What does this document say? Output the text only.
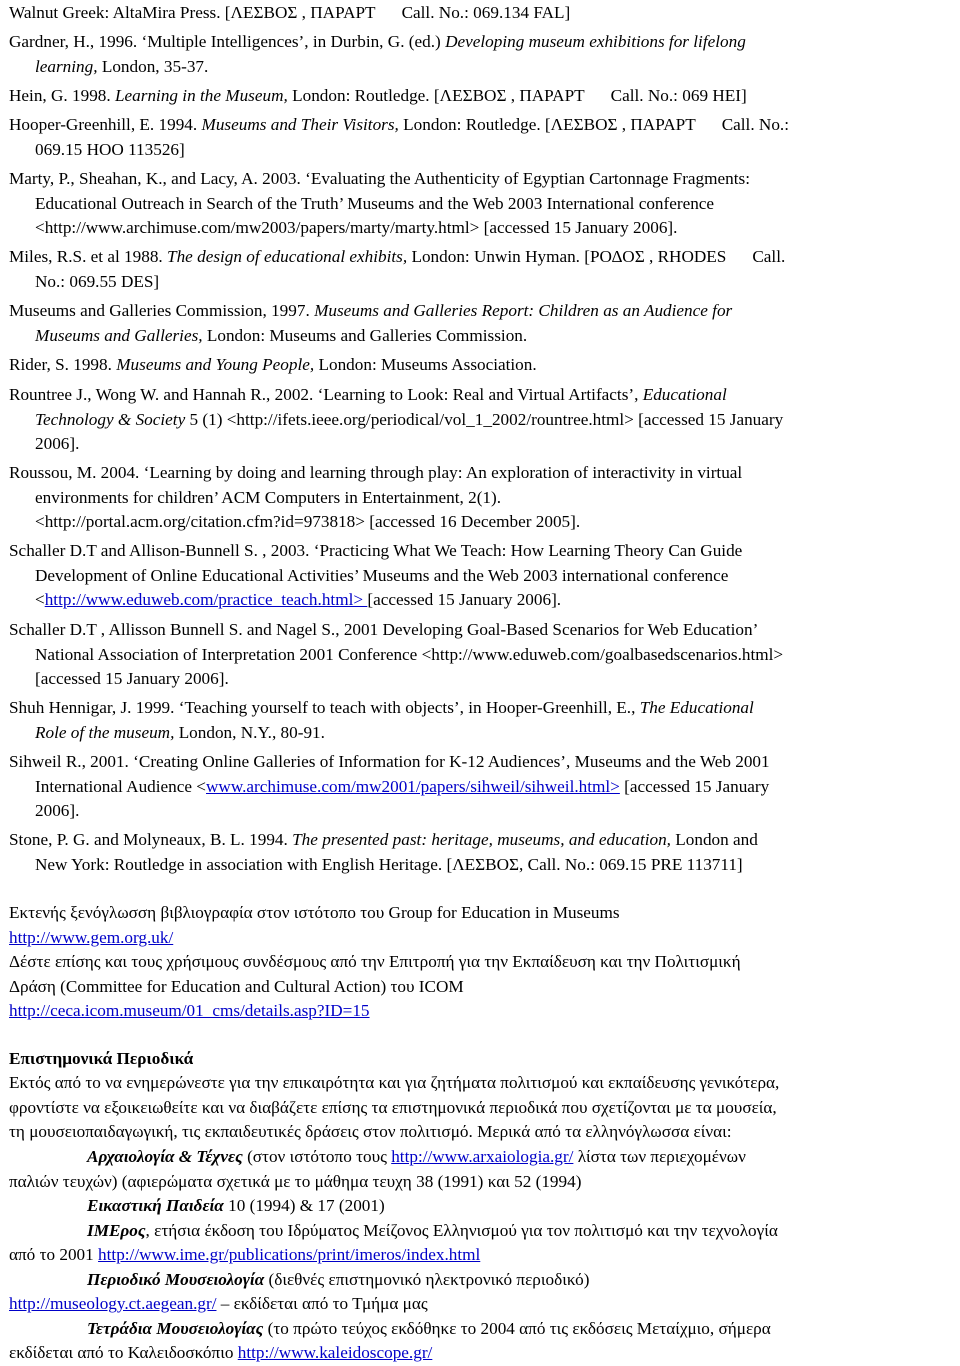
Walnut Greek: AltaMira Press. [ΛΕΣΒΟΣ , ΠΑΡΑΡΤ Call. No.: 069.134 FAL]
Gardner, H., 1996. ‘Multiple Intelligences’, in Durbin, G. (ed.) Developing museum exhibitions for lifelong
learning, London, 35-37.
Hein, G. 1998. Learning in the Museum, London: Routledge. [ΛΕΣΒΟΣ , ΠΑΡΑΡΤ Call. No.: 069 HEI]
Hooper-Greenhill, E. 1994. Museums and Their Visitors, London: Routledge. [ΛΕΣΒΟΣ , ΠΑΡΑΡΤ Call. No.:
069.15 HOO 113526]
Marty, P., Sheahan, K., and Lacy, A. 2003. ‘Evaluating the Authenticity of Egyptian Cartonnage Fragments:
Educational Outreach in Search of the Truth’ Museums and the Web 2003 International conference
<http://www.archimuse.com/mw2003/papers/marty/marty.html> [accessed 15 January 2006].
Miles, R.S. et al 1988. The design of educational exhibits, London: Unwin Hyman. [ΡΟΔΟΣ , RHODES Call.
No.: 069.55 DES]
Museums and Galleries Commission, 1997. Museums and Galleries Report: Children as an Audience for
Museums and Galleries, London: Museums and Galleries Commission.
Rider, S. 1998. Museums and Young People, London: Museums Association.
Rountree J., Wong W. and Hannah R., 2002. ‘Learning to Look: Real and Virtual Artifacts’, Educational
Technology & Society 5 (1) <http://ifets.ieee.org/periodical/vol_1_2002/rountree.html> [accessed 15 January
2006].
Roussou, M. 2004. ‘Learning by doing and learning through play: An exploration of interactivity in virtual
environments for children’ ACM Computers in Entertainment, 2(1).
<http://portal.acm.org/citation.cfm?id=973818> [accessed 16 December 2005].
Schaller D.T and Allison-Bunnell S. , 2003. ‘Practicing What We Teach: How Learning Theory Can Guide
Development of Online Educational Activities’ Museums and the Web 2003 international conference
<http://www.eduweb.com/practice_teach.html> [accessed 15 January 2006].
Schaller D.T , Allisson Bunnell S. and Nagel S., 2001 Developing Goal-Based Scenarios for Web Education’
National Association of Interpretation 2001 Conference <http://www.eduweb.com/goalbasedscenarios.html>
[accessed 15 January 2006].
Shuh Hennigar, J. 1999. ‘Teaching yourself to teach with objects’, in Hooper-Greenhill, E., The Educational
Role of the museum, London, N.Y., 80-91.
Sihweil R., 2001. ‘Creating Online Galleries of Information for K-12 Audiences’, Museums and the Web 2001
International Audience <www.archimuse.com/mw2001/papers/sihweil/sihweil.html> [accessed 15 January
2006].
Stone, P. G. and Molyneaux, B. L. 1994. The presented past: heritage, museums, and education, London and
New York: Routledge in association with English Heritage. [ΛΕΣΒΟΣ, Call. No.: 069.15 PRE 113711]
Εκτενής ξενόγλωσση βιβλιογραφία στον ιστότοπο του Group for Education in Museums
http://www.gem.org.uk/
Δέστε επίσης και τους χρήσιμους συνδέσμους από την Επιτροπή για την Εκπαίδευση και την Πολιτισμική
Δράση (Committee for Education and Cultural Action) του ICOM
http://ceca.icom.museum/01_cms/details.asp?ID=15
Επιστημονικά Περιοδικά
Εκτός από το να ενημερώνεστε για την επικαιρότητα και για ζητήματα πολιτισμού και εκπαίδευσης γενικότερα,
φροντίστε να εξοικειωθείτε και να διαβάζετε επίσης τα επιστημονικά περιοδικά που σχετίζονται με τα μουσεία,
τη μουσειοπαιδαγωγική, τις εκπαιδευτικές δράσεις στον πολιτισμό. Μερικά από τα ελληνόγλωσσα είναι:
Αρχαιολογία & Τέχνες (στον ιστότοπο τους http://www.arxaiologia.gr/ λίστα των περιεχομένων
παλιών τευχών) (αφιερώματα σχετικά με το μάθημα τευχη 38 (1991) και 52 (1994)
Εικαστική Παιδεία 10 (1994) & 17 (2001)
ΙΜΕρος, ετήσια έκδοση του Ιδρύματος Μείζονος Ελληνισμού για τον πολιτισμό και την τεχνολογία
από το 2001 http://www.ime.gr/publications/print/imeros/index.html
Περιοδικό Μουσειολογία (διεθνές επιστημονικό ηλεκτρονικό περιοδικό)
http://museology.ct.aegean.gr/ – εκδίδεται από το Τμήμα μας
Τετράδια Μουσειολογίας (το πρώτο τεύχος εκδόθηκε το 2004 από τις εκδόσεις Μεταίχμιο, σήμερα
εκδίδεται από το Καλειδοσκόπιο http://www.kaleidoscope.gr/
